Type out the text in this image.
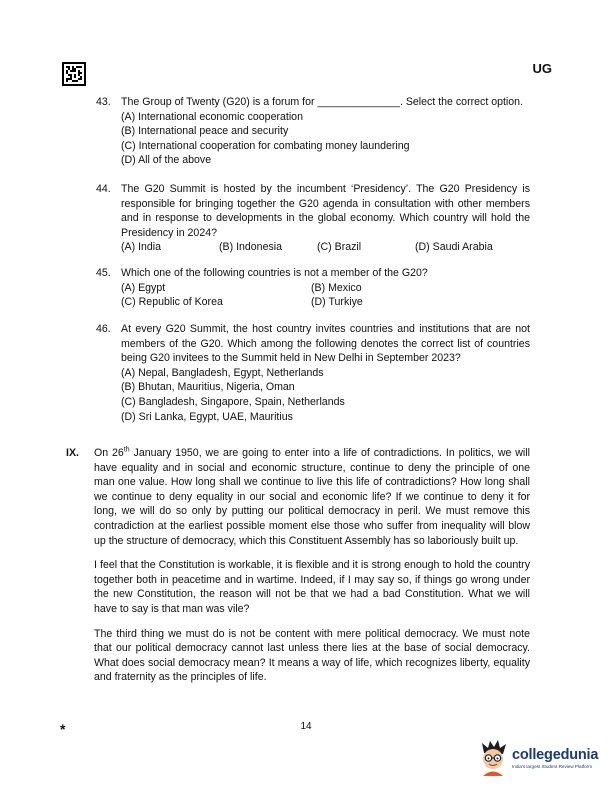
UG
43. The Group of Twenty (G20) is a forum for ______________. Select the correct option.
(A) International economic cooperation
(B) International peace and security
(C) International cooperation for combating money laundering
(D) All of the above
44. The G20 Summit is hosted by the incumbent ‘Presidency’. The G20 Presidency is responsible for bringing together the G20 agenda in consultation with other members and in response to developments in the global economy. Which country will hold the Presidency in 2024?
(A) India	(B) Indonesia	(C) Brazil	(D) Saudi Arabia
45. Which one of the following countries is not a member of the G20?
(A) Egypt	(B) Mexico
(C) Republic of Korea	(D) Turkiye
46. At every G20 Summit, the host country invites countries and institutions that are not members of the G20. Which among the following denotes the correct list of countries being G20 invitees to the Summit held in New Delhi in September 2023?
(A) Nepal, Bangladesh, Egypt, Netherlands
(B) Bhutan, Mauritius, Nigeria, Oman
(C) Bangladesh, Singapore, Spain, Netherlands
(D) Sri Lanka, Egypt, UAE, Mauritius
IX. On 26th January 1950, we are going to enter into a life of contradictions. In politics, we will have equality and in social and economic structure, continue to deny the principle of one man one value. How long shall we continue to live this life of contradictions? How long shall we continue to deny equality in our social and economic life? If we continue to deny it for long, we will do so only by putting our political democracy in peril. We must remove this contradiction at the earliest possible moment else those who suffer from inequality will blow up the structure of democracy, which this Constituent Assembly has so laboriously built up.
I feel that the Constitution is workable, it is flexible and it is strong enough to hold the country together both in peacetime and in wartime. Indeed, if I may say so, if things go wrong under the new Constitution, the reason will not be that we had a bad Constitution. What we will have to say is that man was vile?
The third thing we must do is not be content with mere political democracy. We must note that our political democracy cannot last unless there lies at the base of social democracy. What does social democracy mean? It means a way of life, which recognizes liberty, equality and fraternity as the principles of life.
*	14
collegedunia
India's largest Student Review Platform
